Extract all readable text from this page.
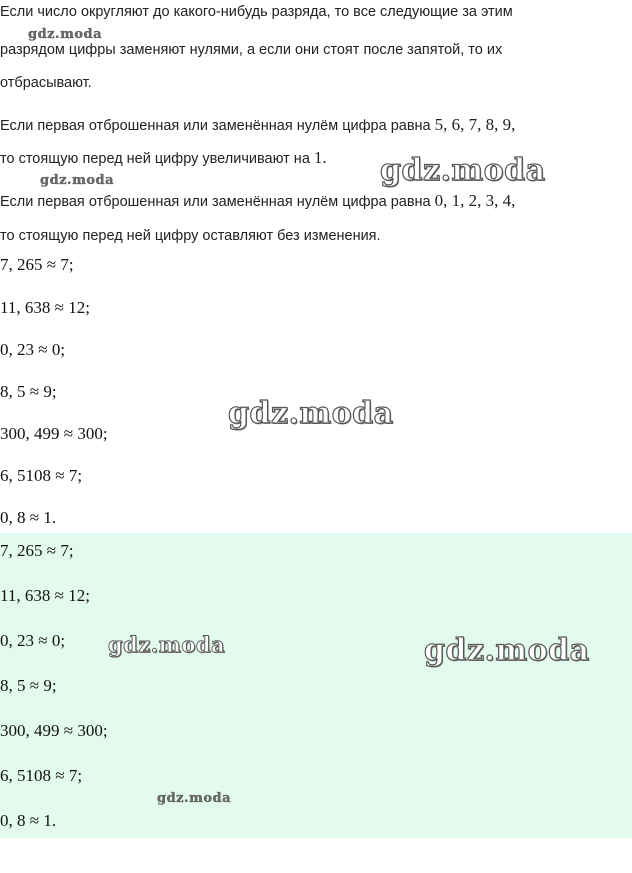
Если число округляют до какого-нибудь разряда, то все следующие за этим
разрядом цифры заменяют нулями, а если они стоят после запятой, то их
отбрасывают.
Если первая отброшенная или заменённая нулём цифра равна 5, 6, 7, 8, 9,
то стоящую перед ней цифру увеличивают на 1.
Если первая отброшенная или заменённая нулём цифра равна 0, 1, 2, 3, 4,
то стоящую перед ней цифру оставляют без изменения.
7, 265 ≈ 7;
11, 638 ≈ 12;
0, 23 ≈ 0;
8, 5 ≈ 9;
300, 499 ≈ 300;
6, 5108 ≈ 7;
0, 8 ≈ 1.
7, 265 ≈ 7;
11, 638 ≈ 12;
0, 23 ≈ 0;
8, 5 ≈ 9;
300, 499 ≈ 300;
6, 5108 ≈ 7;
0, 8 ≈ 1.
gdz.moda
gdz.moda	gdz.moda
gdz.moda
gdz.moda	gdz.moda
gdz.moda
